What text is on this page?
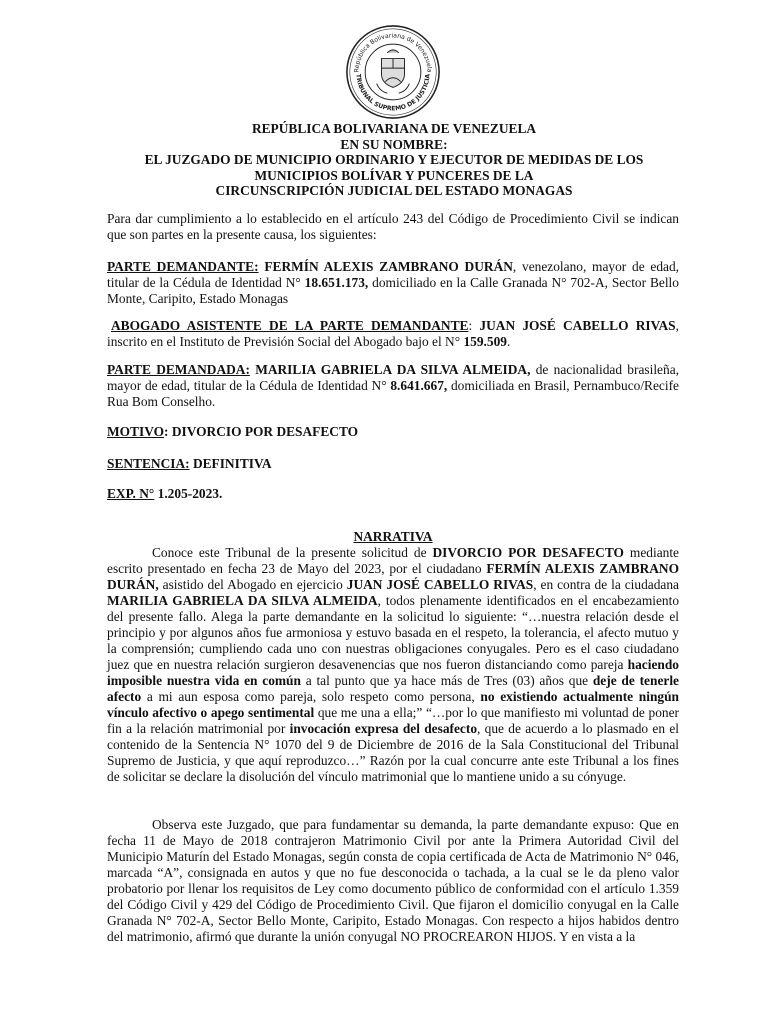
República Bolivariana de Venezuela
TRIBUNAL SUPREMO DE JUSTICIA
REPÚBLICA BOLIVARIANA DE VENEZUELA
EN SU NOMBRE:
EL JUZGADO DE MUNICIPIO ORDINARIO Y EJECUTOR DE MEDIDAS DE LOS
MUNICIPIOS BOLÍVAR Y PUNCERES DE LA
CIRCUNSCRIPCIÓN JUDICIAL DEL ESTADO MONAGAS

Para dar cumplimiento a lo establecido en el artículo 243 del Código de Procedimiento Civil se indican que son partes en la presente causa, los siguientes:

PARTE DEMANDANTE: FERMÍN ALEXIS ZAMBRANO DURÁN, venezolano, mayor de edad, titular de la Cédula de Identidad N° 18.651.173, domiciliado en la Calle Granada N° 702-A, Sector Bello Monte, Caripito, Estado Monagas

ABOGADO ASISTENTE DE LA PARTE DEMANDANTE: JUAN JOSÉ CABELLO RIVAS, inscrito en el Instituto de Previsión Social del Abogado bajo el N° 159.509.

PARTE DEMANDADA: MARILIA GABRIELA DA SILVA ALMEIDA, de nacionalidad brasileña, mayor de edad, titular de la Cédula de Identidad N° 8.641.667, domiciliada en Brasil, Pernambuco/Recife Rua Bom Conselho.

MOTIVO: DIVORCIO POR DESAFECTO

SENTENCIA: DEFINITIVA

EXP. N° 1.205-2023.

NARRATIVA

Conoce este Tribunal de la presente solicitud de DIVORCIO POR DESAFECTO mediante escrito presentado en fecha 23 de Mayo del 2023, por el ciudadano FERMÍN ALEXIS ZAMBRANO DURÁN, asistido del Abogado en ejercicio JUAN JOSÉ CABELLO RIVAS, en contra de la ciudadana MARILIA GABRIELA DA SILVA ALMEIDA, todos plenamente identificados en el encabezamiento del presente fallo. Alega la parte demandante en la solicitud lo siguiente: “…nuestra relación desde el principio y por algunos años fue armoniosa y estuvo basada en el respeto, la tolerancia, el afecto mutuo y la comprensión; cumpliendo cada uno con nuestras obligaciones conyugales. Pero es el caso ciudadano juez que en nuestra relación surgieron desavenencias que nos fueron distanciando como pareja haciendo imposible nuestra vida en común a tal punto que ya hace más de Tres (03) años que deje de tenerle afecto a mi aun esposa como pareja, solo respeto como persona, no existiendo actualmente ningún vínculo afectivo o apego sentimental que me una a ella;” “…por lo que manifiesto mi voluntad de poner fin a la relación matrimonial por invocación expresa del desafecto, que de acuerdo a lo plasmado en el contenido de la Sentencia N° 1070 del 9 de Diciembre de 2016 de la Sala Constitucional del Tribunal Supremo de Justicia, y que aquí reproduzco…” Razón por la cual concurre ante este Tribunal a los fines de solicitar se declare la disolución del vínculo matrimonial que lo mantiene unido a su cónyuge.

Observa este Juzgado, que para fundamentar su demanda, la parte demandante expuso: Que en fecha 11 de Mayo de 2018 contrajeron Matrimonio Civil por ante la Primera Autoridad Civil del Municipio Maturín del Estado Monagas, según consta de copia certificada de Acta de Matrimonio N° 046, marcada “A”, consignada en autos y que no fue desconocida o tachada, a la cual se le da pleno valor probatorio por llenar los requisitos de Ley como documento público de conformidad con el artículo 1.359 del Código Civil y 429 del Código de Procedimiento Civil. Que fijaron el domicilio conyugal en la Calle Granada N° 702-A, Sector Bello Monte, Caripito, Estado Monagas. Con respecto a hijos habidos dentro del matrimonio, afirmó que durante la unión conyugal NO PROCREARON HIJOS. Y en vista a la
